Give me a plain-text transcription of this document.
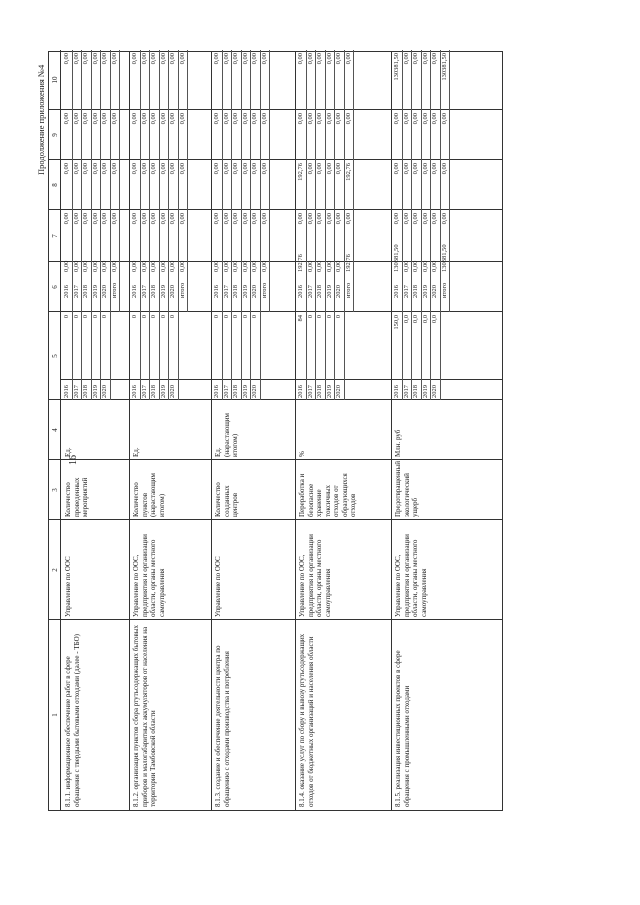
16
Продолжение приложения №4
1
2
3
4
5
6
7
8
9
10
8.1.1. информационное обеспечение работ в сфере обращения с твердыми бытовыми отходами (далее - ТБО)
Управление по ООС
Количество проведенных мероприятий
Ед.
2016
0
2017
0
2018
0
2019
0
2020
0
2016
0,00
0,00
0,00
0,00
0,00
2017
0,00
0,00
0,00
0,00
0,00
2018
0,00
0,00
0,00
0,00
0,00
2019
0,00
0,00
0,00
0,00
0,00
2020
0,00
0,00
0,00
0,00
0,00
итого
0,00
0,00
0,00
0,00
0,00
8.1.2. организация пунктов сбора ртутьсодержащих бытовых приборов и малогабаритных аккумуляторов от населения на территории Тамбовской области
Управление по ООС, предприятия и организации области, органы местного самоуправления
Количество пунктов (нарастающим итогом)
Ед.
2016
0
2017
0
2018
0
2019
0
2020
0
2016
0,00
0,00
0,00
0,00
0,00
2017
0,00
0,00
0,00
0,00
0,00
2018
0,00
0,00
0,00
0,00
0,00
2019
0,00
0,00
0,00
0,00
0,00
2020
0,00
0,00
0,00
0,00
0,00
итого
0,00
0,00
0,00
0,00
0,00
8.1.3. создание и обеспечение деятельности центра по обращению с отходами производства и потребления
Управление по ООС
Количество созданных центров
Ед. (нарастающим итогом)
2016
0
2017
0
2018
0
2019
0
2020
0
2016
0,00
0,00
0,00
0,00
0,00
2017
0,00
0,00
0,00
0,00
0,00
2018
0,00
0,00
0,00
0,00
0,00
2019
0,00
0,00
0,00
0,00
0,00
2020
0,00
0,00
0,00
0,00
0,00
итого
0,00
0,00
0,00
0,00
0,00
8.1.4. оказание услуг по сбору и вывозу ртутьсодержащих отходов от бюджетных организаций и населения области
Управление по ООС, предприятия и организации области, органы местного самоуправления
Переработка и безопасное хранение токсичных отходов от образующихся отходов
%
2016
84
2017
0
2018
0
2019
0
2020
0
2016
192,76
0,00
192,76
0,00
0,00
2017
0,00
0,00
0,00
0,00
0,00
2018
0,00
0,00
0,00
0,00
0,00
2019
0,00
0,00
0,00
0,00
0,00
2020
0,00
0,00
0,00
0,00
0,00
итого
192,76
0,00
192,76
0,00
0,00
8.1.5. реализация инвестиционных проектов в сфере обращения с промышленными отходами
Управление по ООС, предприятия и организации области, органы местного самоуправления
Предотвращенный экологический ущерб
Млн. руб
2016
150,0
2017
0,0
2018
0,0
2019
0,0
2020
0,0
2016
130381,50
0,00
0,00
0,00
130381,50
2017
0,00
0,00
0,00
0,00
0,00
2018
0,00
0,00
0,00
0,00
0,00
2019
0,00
0,00
0,00
0,00
0,00
2020
0,00
0,00
0,00
0,00
0,00
итого
130381,50
0,00
0,00
0,00
130381,50
